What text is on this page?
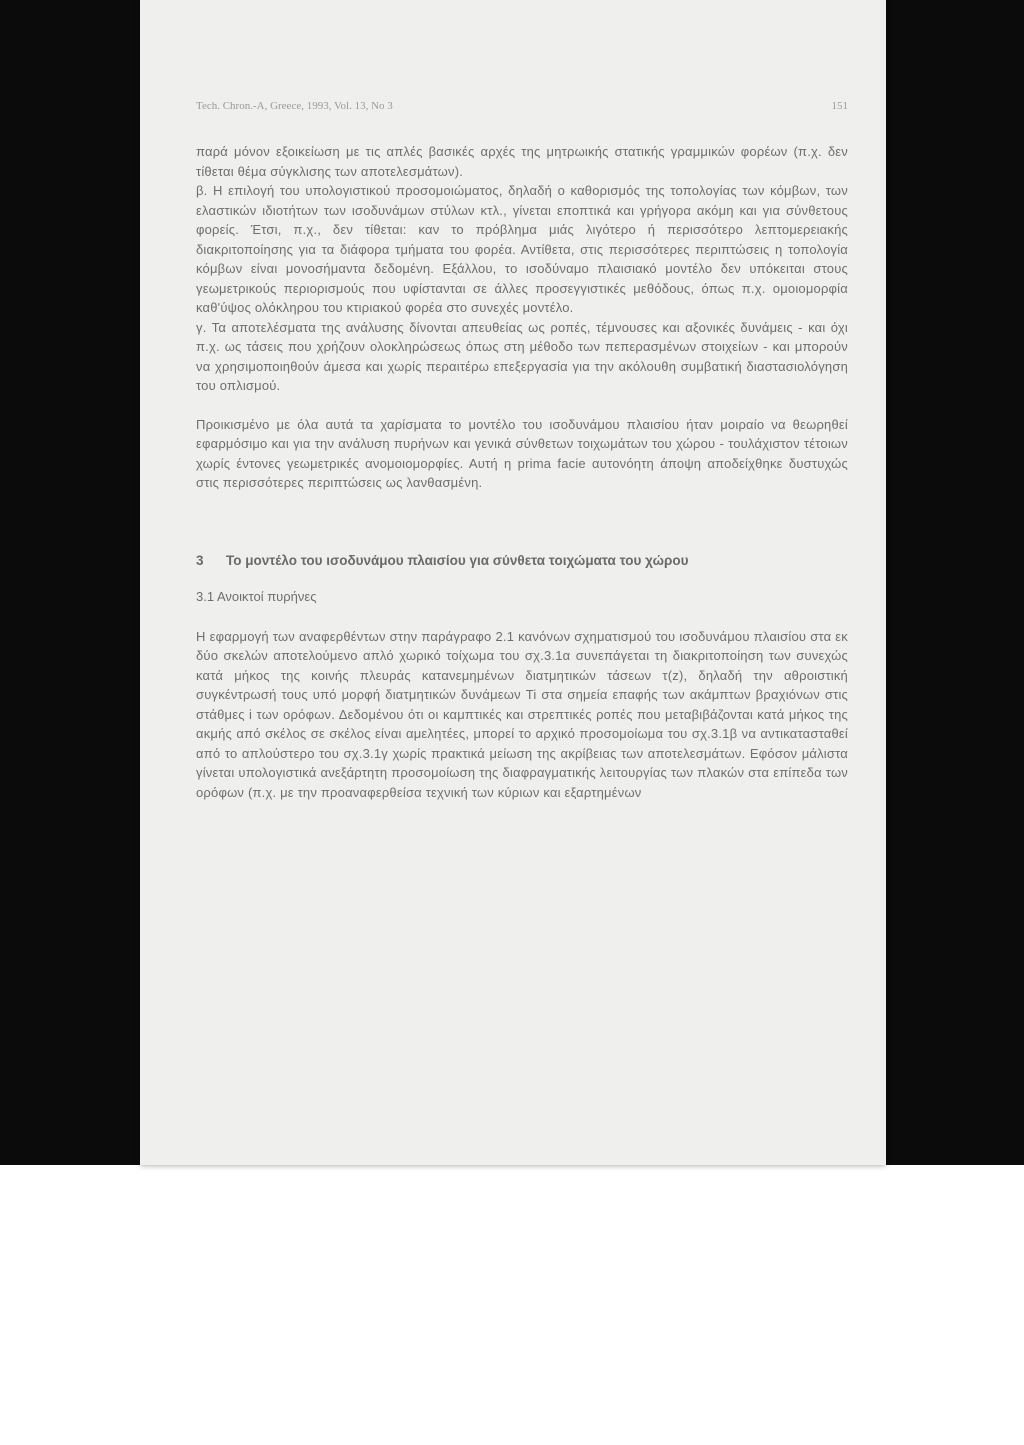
Tech. Chron.-A, Greece, 1993, Vol. 13, No 3	151

παρά μόνον εξοικείωση με τις απλές βασικές αρχές της μητρωικής στατικής γραμμικών φορέων (π.χ. δεν τίθεται θέμα σύγκλισης των αποτελεσμάτων).

β. Η επιλογή του υπολογιστικού προσομοιώματος, δηλαδή ο καθορισμός της τοπολογίας των κόμβων, των ελαστικών ιδιοτήτων των ισοδυνάμων στύλων κτλ., γίνεται εποπτικά και γρήγορα ακόμη και για σύνθετους φορείς. Έτσι, π.χ., δεν τίθεται: καν το πρόβλημα μιάς λιγότερο ή περισσότερο λεπτομερειακής διακριτοποίησης για τα διάφορα τμήματα του φορέα. Αντίθετα, στις περισσότερες περιπτώσεις η τοπολογία κόμβων είναι μονοσήμαντα δεδομένη. Εξάλλου, το ισοδύναμο πλαισιακό μοντέλο δεν υπόκειται στους γεωμετρικούς περιορισμούς που υφίστανται σε άλλες προσεγγιστικές μεθόδους, όπως π.χ. ομοιομορφία καθ'ύψος ολόκληρου του κτιριακού φορέα στο συνεχές μοντέλο.

γ. Τα αποτελέσματα της ανάλυσης δίνονται απευθείας ως ροπές, τέμνουσες και αξονικές δυνάμεις - και όχι π.χ. ως τάσεις που χρήζουν ολοκληρώσεως όπως στη μέθοδο των πεπερασμένων στοιχείων - και μπορούν να χρησιμοποιηθούν άμεσα και χωρίς περαιτέρω επεξεργασία για την ακόλουθη συμβατική διαστασιολόγηση του οπλισμού.

Προικισμένο με όλα αυτά τα χαρίσματα το μοντέλο του ισοδυνάμου πλαισίου ήταν μοιραίο να θεωρηθεί εφαρμόσιμο και για την ανάλυση πυρήνων και γενικά σύνθετων τοιχωμάτων του χώρου - τουλάχιστον τέτοιων χωρίς έντονες γεωμετρικές ανομοιομορφίες. Αυτή η prima facie αυτονόητη άποψη αποδείχθηκε δυστυχώς στις περισσότερες περιπτώσεις ως λανθασμένη.

3	Το μοντέλο του ισοδυνάμου πλαισίου για σύνθετα τοιχώματα του χώρου
3.1 Ανοικτοί πυρήνες

Η εφαρμογή των αναφερθέντων στην παράγραφο 2.1 κανόνων σχηματισμού του ισοδυνάμου πλαισίου στα εκ δύο σκελών αποτελούμενο απλό χωρικό τοίχωμα του σχ.3.1α συνεπάγεται τη διακριτοποίηση των συνεχώς κατά μήκος της κοινής πλευράς κατανεμημένων διατμητικών τάσεων τ(z), δηλαδή την αθροιστική συγκέντρωσή τους υπό μορφή διατμητικών δυνάμεων Ti στα σημεία επαφής των ακάμπτων βραχιόνων στις στάθμες i των ορόφων. Δεδομένου ότι οι καμπτικές και στρεπτικές ροπές που μεταβιβάζονται κατά μήκος της ακμής από σκέλος σε σκέλος είναι αμελητέες, μπορεί το αρχικό προσομοίωμα του σχ.3.1β να αντικατασταθεί από το απλούστερο του σχ.3.1γ χωρίς πρακτικά μείωση της ακρίβειας των αποτελεσμάτων. Εφόσον μάλιστα γίνεται υπολογιστικά ανεξάρτητη προσομοίωση της διαφραγματικής λειτουργίας των πλακών στα επίπεδα των ορόφων (π.χ. με την προαναφερθείσα τεχνική των κύριων και εξαρτημένων
